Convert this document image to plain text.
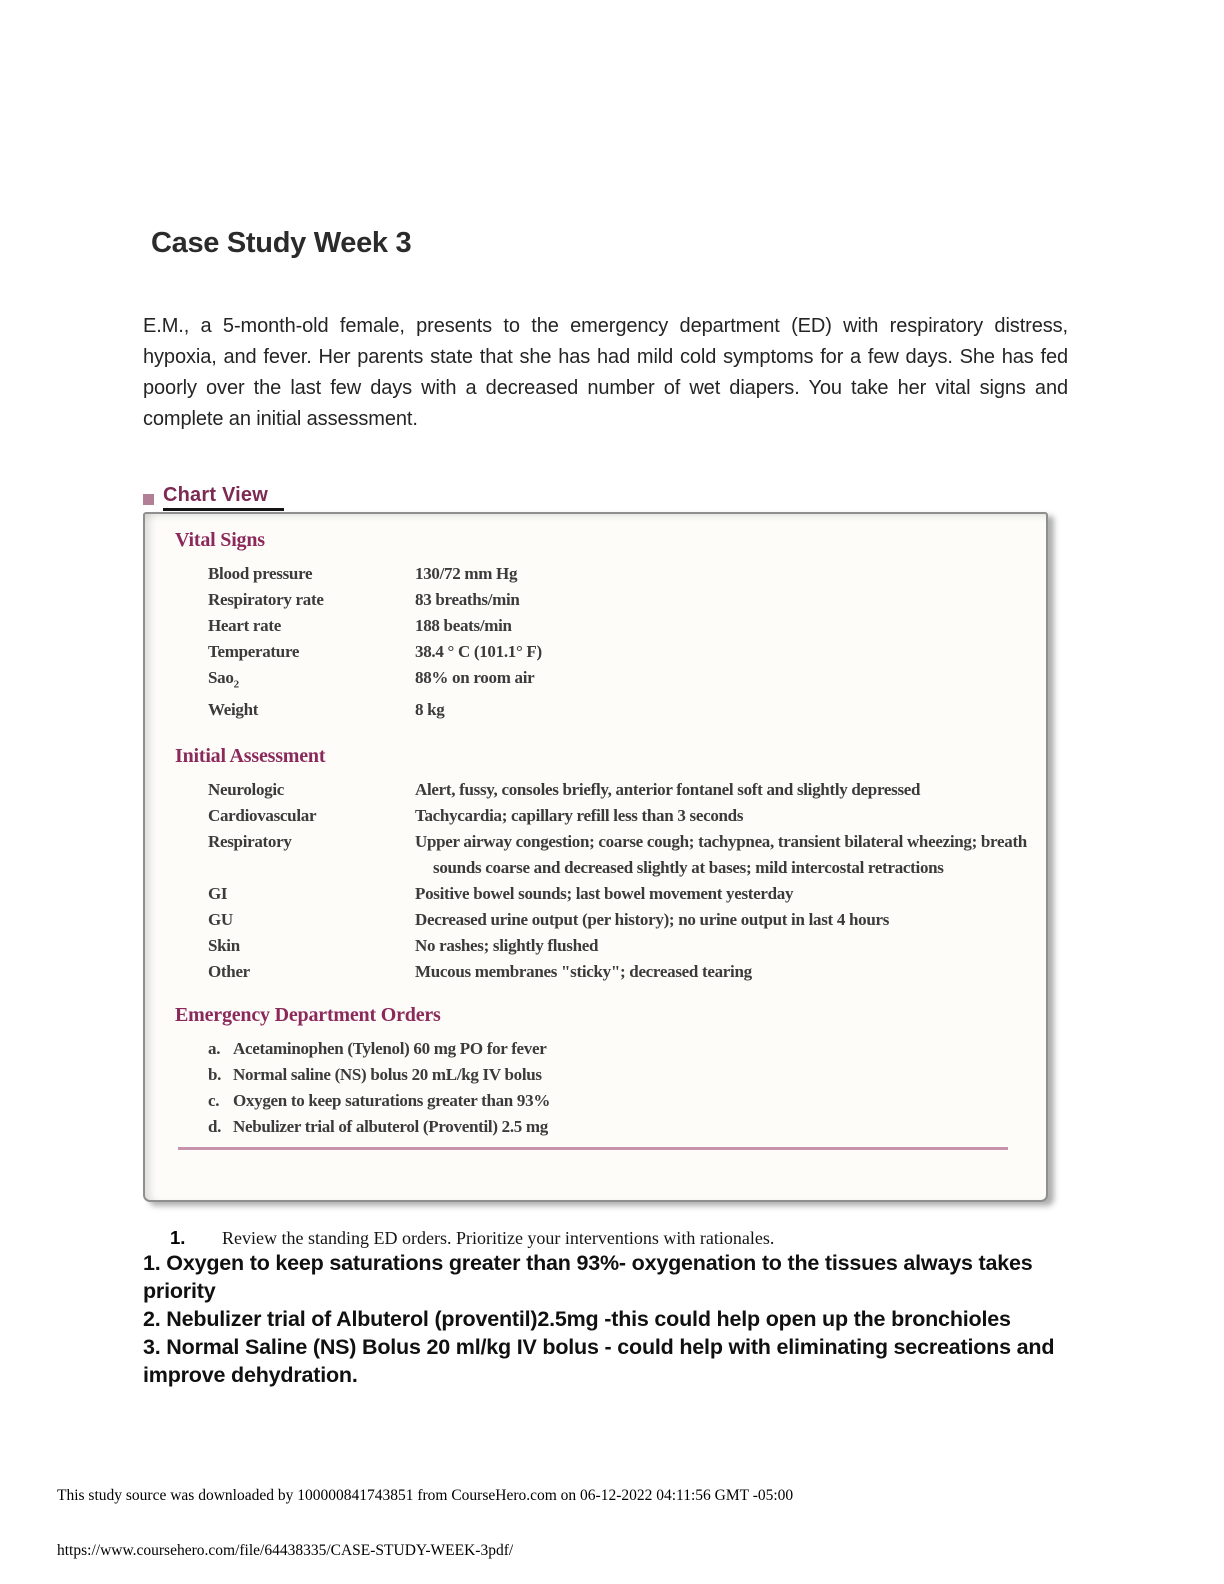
Case Study Week 3

E.M., a 5-month-old female, presents to the emergency department (ED) with respiratory distress, hypoxia, and fever. Her parents state that she has had mild cold symptoms for a few days. She has fed poorly over the last few days with a decreased number of wet diapers. You take her vital signs and complete an initial assessment.

Chart View
Vital Signs
Blood pressure	130/72 mm Hg
Respiratory rate	83 breaths/min
Heart rate	188 beats/min
Temperature	38.4 ° C (101.1° F)
Sao$_2$	88% on room air
Weight	8 kg
Initial Assessment
Neurologic	Alert, fussy, consoles briefly, anterior fontanel soft and slightly depressed
Cardiovascular	Tachycardia; capillary refill less than 3 seconds
Respiratory	Upper airway congestion; coarse cough; tachypnea, transient bilateral wheezing; breath sounds coarse and decreased slightly at bases; mild intercostal retractions
GI	Positive bowel sounds; last bowel movement yesterday
GU	Decreased urine output (per history); no urine output in last 4 hours
Skin	No rashes; slightly flushed
Other	Mucous membranes "sticky"; decreased tearing
Emergency Department Orders
a. Acetaminophen (Tylenol) 60 mg PO for fever
b. Normal saline (NS) bolus 20 mL/kg IV bolus
c. Oxygen to keep saturations greater than 93%
d. Nebulizer trial of albuterol (Proventil) 2.5 mg
1.	Review the standing ED orders. Prioritize your interventions with rationales.

1. Oxygen to keep saturations greater than 93%- oxygenation to the tissues always takes priority

2. Nebulizer trial of Albuterol (proventil)2.5mg -this could help open up the bronchioles

3. Normal Saline (NS) Bolus 20 ml/kg IV bolus - could help with eliminating secreations and improve dehydration.

This study source was downloaded by 100000841743851 from CourseHero.com on 06-12-2022 04:11:56 GMT -05:00
https://www.coursehero.com/file/64438335/CASE-STUDY-WEEK-3pdf/
